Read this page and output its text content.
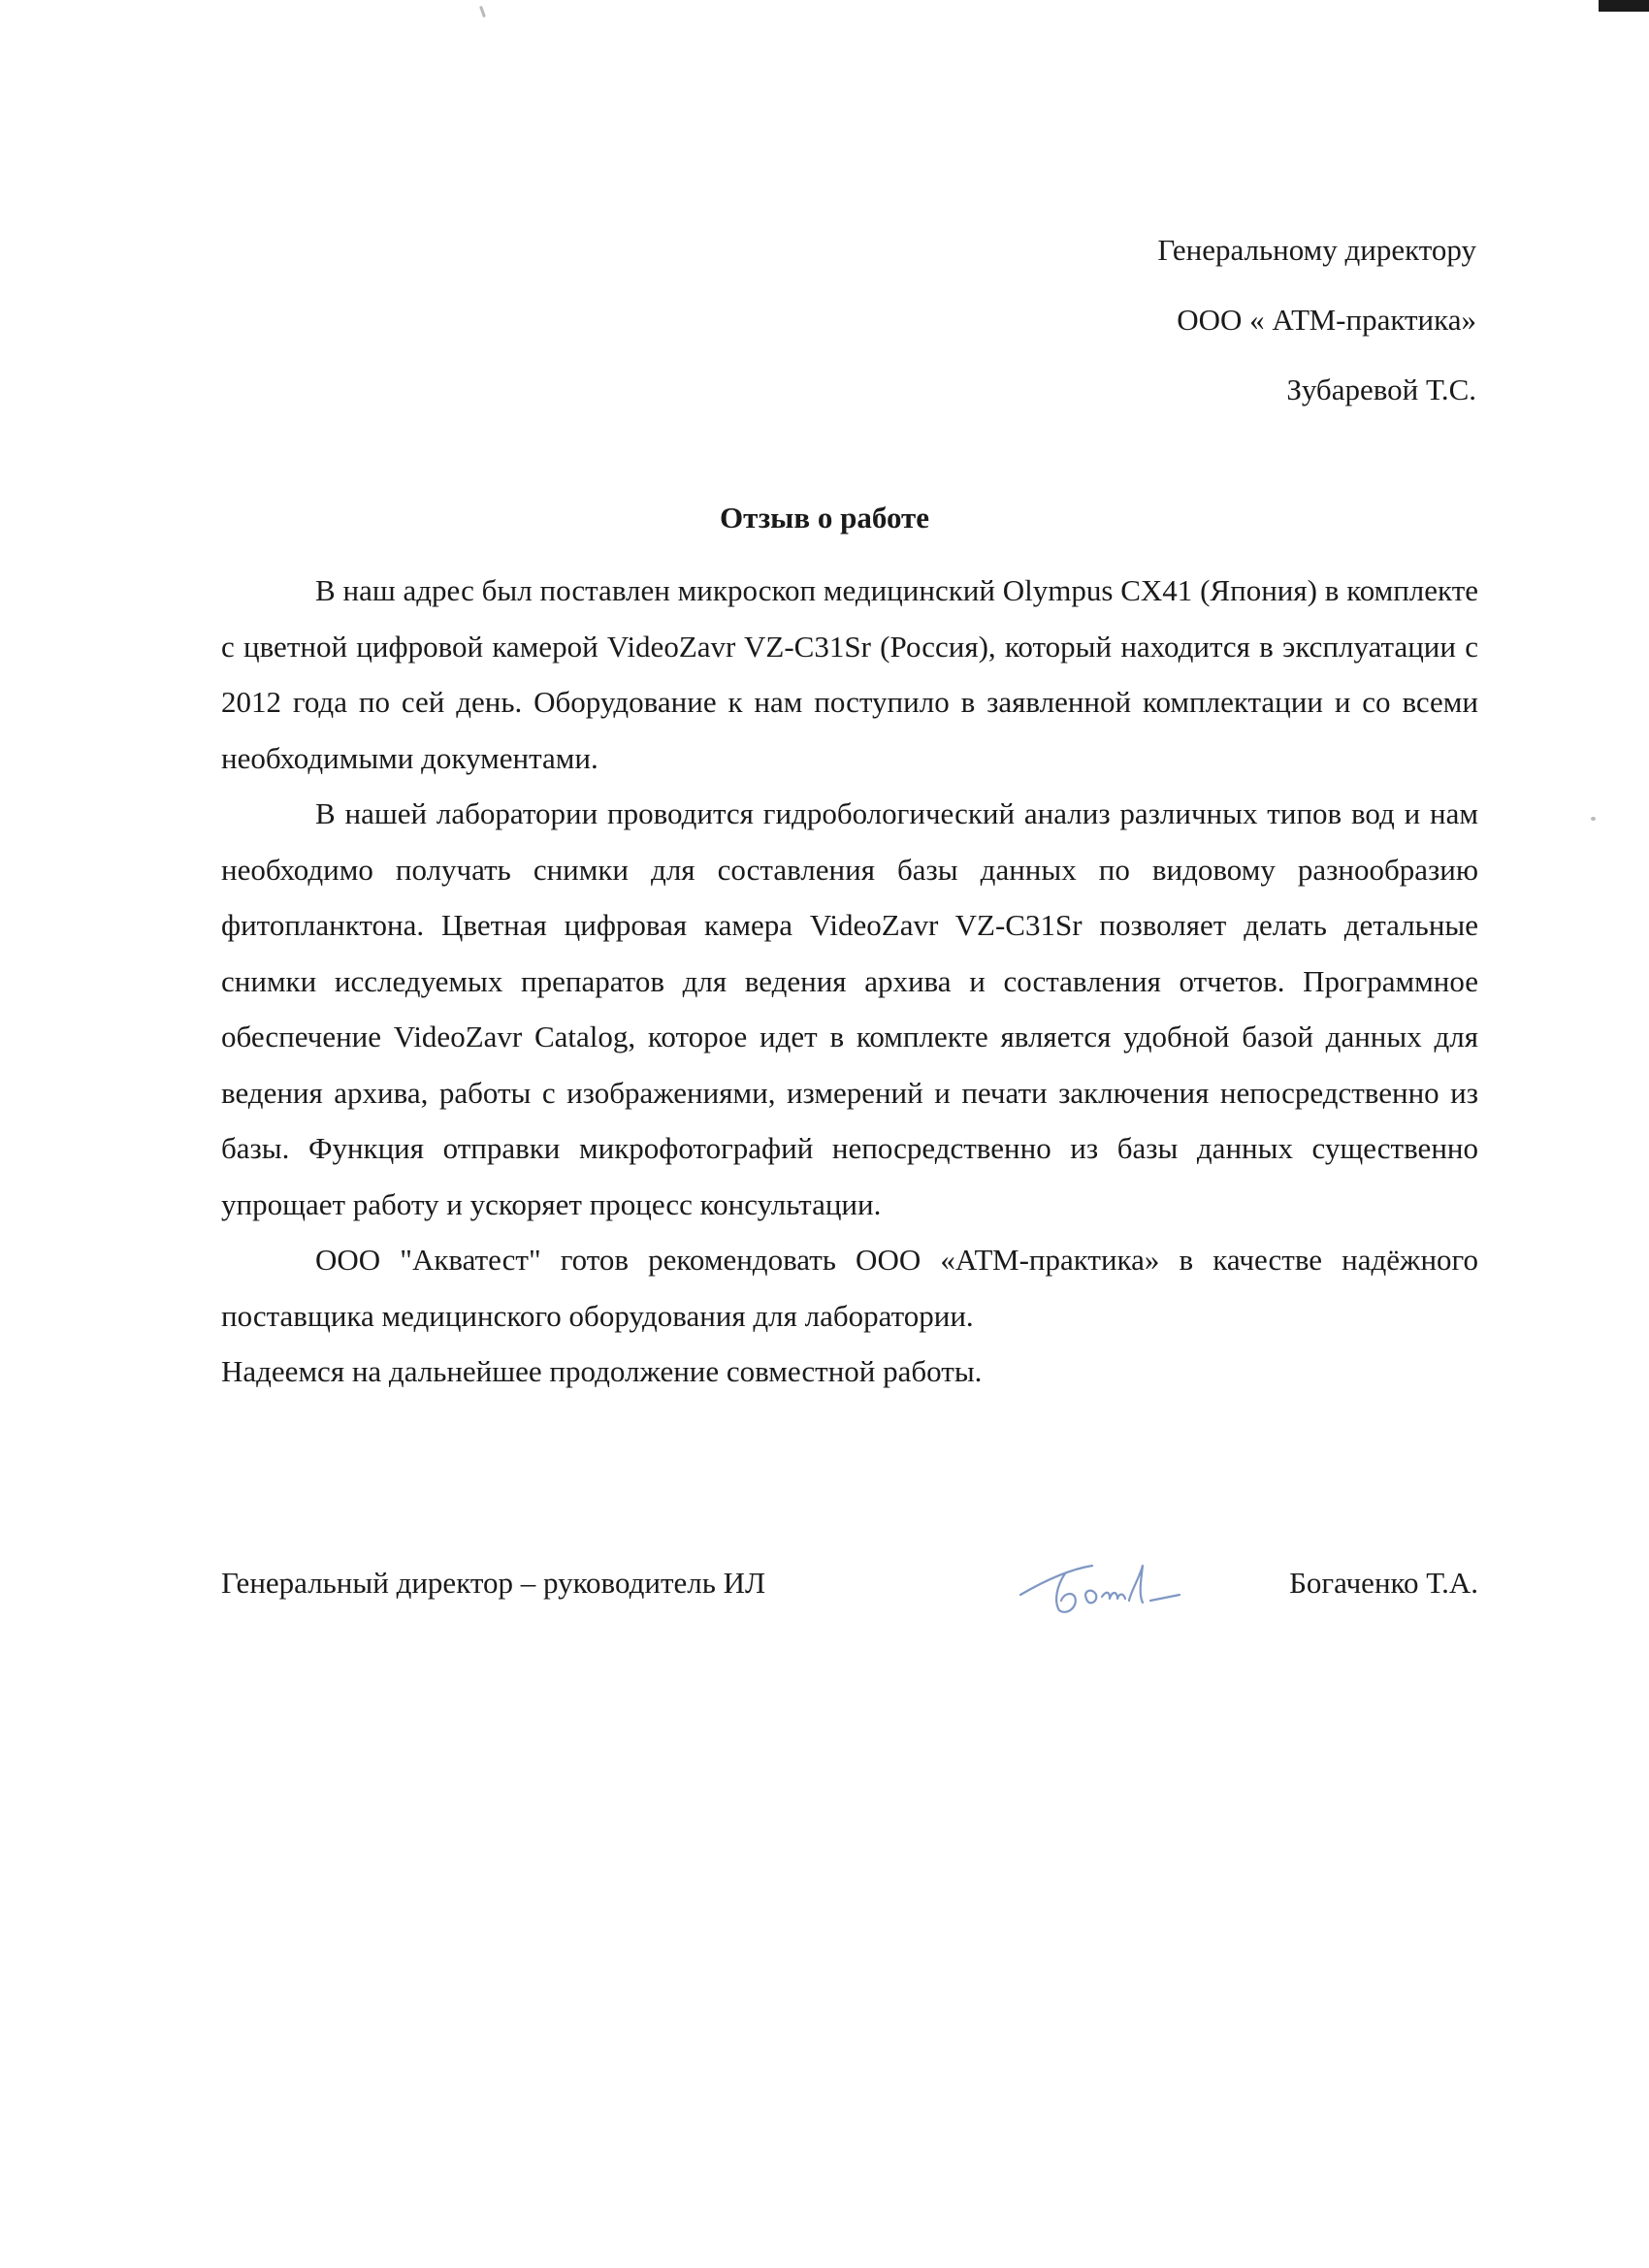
Генеральному директору
ООО « АТМ-практика»
Зубаревой Т.С.
Отзыв о работе

В наш адрес был поставлен микроскоп медицинский Olympus CX41 (Япония) в комплекте с цветной цифровой камерой VideoZavr VZ-C31Sr (Россия), который находится в эксплуатации с 2012 года по сей день. Оборудование к нам поступило в заявленной комплектации и со всеми необходимыми документами.

В нашей лаборатории проводится гидробологический анализ различных типов вод и нам необходимо получать снимки для составления базы данных по видовому разнообразию фитопланктона. Цветная цифровая камера VideoZavr VZ-C31Sr позволяет делать детальные снимки исследуемых препаратов для ведения архива и составления отчетов. Программное обеспечение VideoZavr Catalog, которое идет в комплекте является удобной базой данных для ведения архива, работы с изображениями, измерений и печати заключения непосредственно из базы. Функция отправки микрофотографий непосредственно из базы данных существенно упрощает работу и ускоряет процесс консультации.

ООО "Акватест" готов рекомендовать ООО «АТМ-практика» в качестве надёжного поставщика медицинского оборудования для лаборатории.

Надеемся на дальнейшее продолжение совместной работы.

Генеральный директор – руководитель ИЛ	Богаченко Т.А.
